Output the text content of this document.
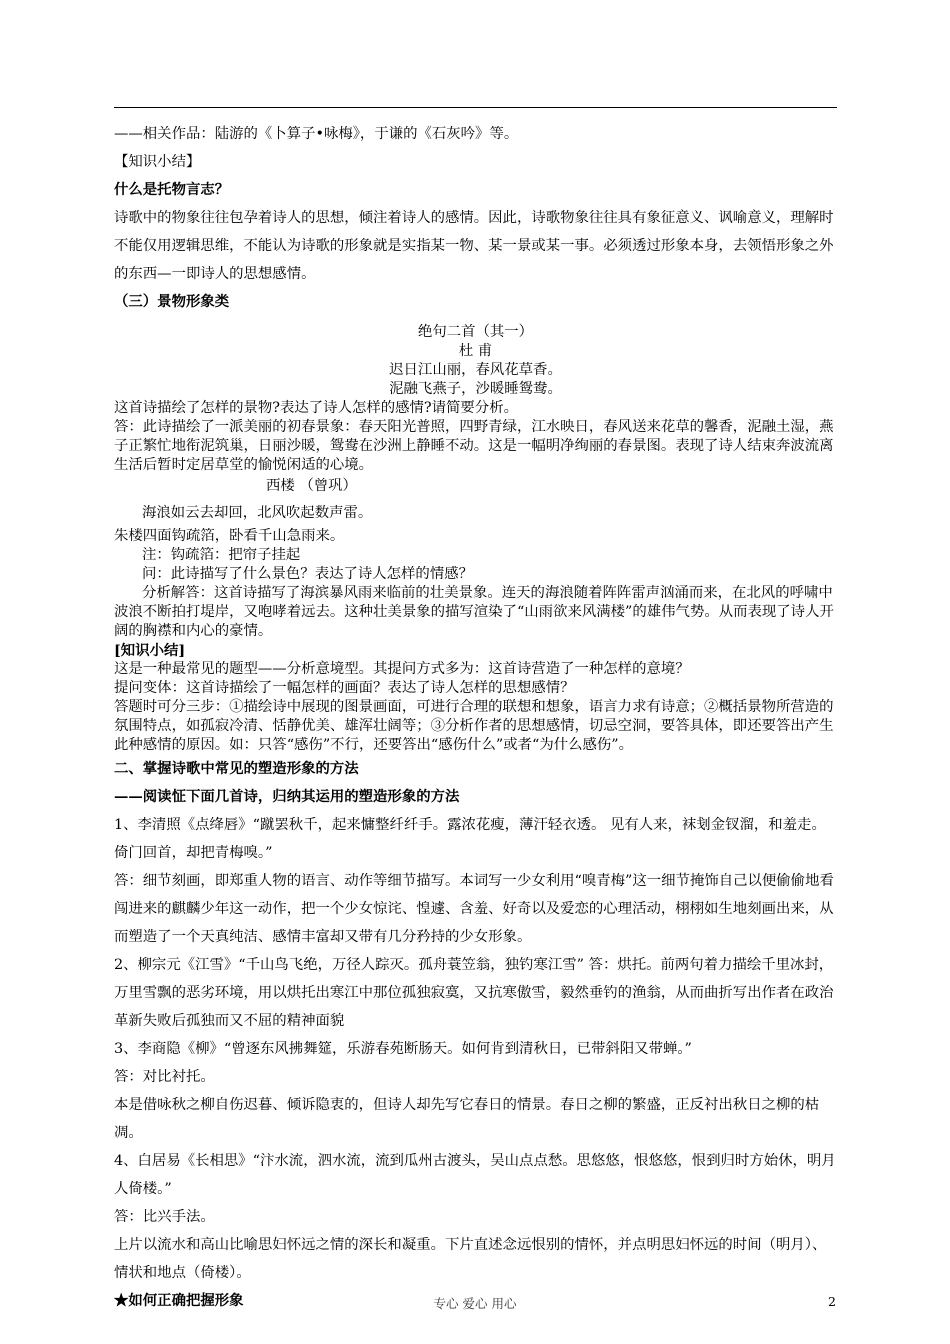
——相关作品：陆游的《卜算子•咏梅》，于谦的《石灰吟》等。

【知识小结】

什么是托物言志？

诗歌中的物象往往包孕着诗人的思想，倾注着诗人的感情。因此，诗歌物象往往具有象征意义、讽喻意义，理解时不能仅用逻辑思维，不能认为诗歌的形象就是实指某一物、某一景或某一事。必须透过形象本身，去领悟形象之外的东西—一即诗人的思想感情。

（三）景物形象类

绝句二首（其一）

杜 甫

迟日江山丽，春风花草香。

泥融飞燕子，沙暖睡鸳鸯。

这首诗描绘了怎样的景物?表达了诗人怎样的感情?请简要分析。

答：此诗描绘了一派美丽的初春景象：春天阳光普照，四野青绿，江水映日，春风送来花草的馨香，泥融土湿，燕子正繁忙地衔泥筑巢，日丽沙暖，鸳鸯在沙洲上静睡不动。这是一幅明净绚丽的春景图。表现了诗人结束奔波流离生活后暂时定居草堂的愉悦闲适的心境。

西楼 （曾巩）

海浪如云去却回，北风吹起数声雷。

朱楼四面钩疏箔，卧看千山急雨来。

注：钩疏箔：把帘子挂起

问：此诗描写了什么景色？表达了诗人怎样的情感？

分析解答：这首诗描写了海滨暴风雨来临前的壮美景象。连天的海浪随着阵阵雷声汹涌而来，在北风的呼啸中波浪不断拍打堤岸，又咆哮着远去。这种壮美景象的描写渲染了“山雨欲来风满楼”的雄伟气势。从而表现了诗人开阔的胸襟和内心的豪情。

[知识小结]

这是一种最常见的题型——分析意境型。其提问方式多为：这首诗营造了一种怎样的意境？

提问变体：这首诗描绘了一幅怎样的画面？表达了诗人怎样的思想感情？

答题时可分三步：①描绘诗中展现的图景画面，可进行合理的联想和想象，语言力求有诗意；②概括景物所营造的氛围特点，如孤寂冷清、恬静优美、雄浑壮阔等；③分析作者的思想感情，切忌空洞，要答具体，即还要答出产生此种感情的原因。如：只答“感伤”不行，还要答出“感伤什么”或者“为什么感伤”。

二、掌握诗歌中常见的塑造形象的方法

——阅读怔下面几首诗，归纳其运用的塑造形象的方法

1、李清照《点绛唇》“蹴罢秋千，起来慵整纤纤手。露浓花瘦，薄汗轻衣透。 见有人来，袜刬金钗溜，和羞走。倚门回首，却把青梅嗅。”

答：细节刻画，即郑重人物的语言、动作等细节描写。本词写一少女利用“嗅青梅”这一细节掩饰自己以便偷偷地看闯进来的麒麟少年这一动作，把一个少女惊诧、惶遽、含羞、好奇以及爱恋的心理活动，栩栩如生地刻画出来，从而塑造了一个天真纯洁、感情丰富却又带有几分矜持的少女形象。

2、柳宗元《江雪》“千山鸟飞绝，万径人踪灭。孤舟蓑笠翁，独钓寒江雪” 答：烘托。前两句着力描绘千里冰封，万里雪飘的恶劣环境，用以烘托出寒江中那位孤独寂寞，又抗寒傲雪，毅然垂钓的渔翁，从而曲折写出作者在政治革新失败后孤独而又不屈的精神面貌

3、李商隐《柳》“曾逐东风拂舞筵，乐游春苑断肠天。如何肯到清秋日，已带斜阳又带蝉。”

答：对比衬托。

本是借咏秋之柳自伤迟暮、倾诉隐衷的，但诗人却先写它春日的情景。春日之柳的繁盛，正反衬出秋日之柳的枯凋。

4、白居易《长相思》“汴水流，泗水流，流到瓜州古渡头，吴山点点愁。思悠悠，恨悠悠，恨到归时方始休，明月人倚楼。”

答：比兴手法。

上片以流水和高山比喻思妇怀远之情的深长和凝重。下片直述念远恨别的情怀，并点明思妇怀远的时间（明月）、情状和地点（倚楼）。

★如何正确把握形象	专心 爱心 用心	2
